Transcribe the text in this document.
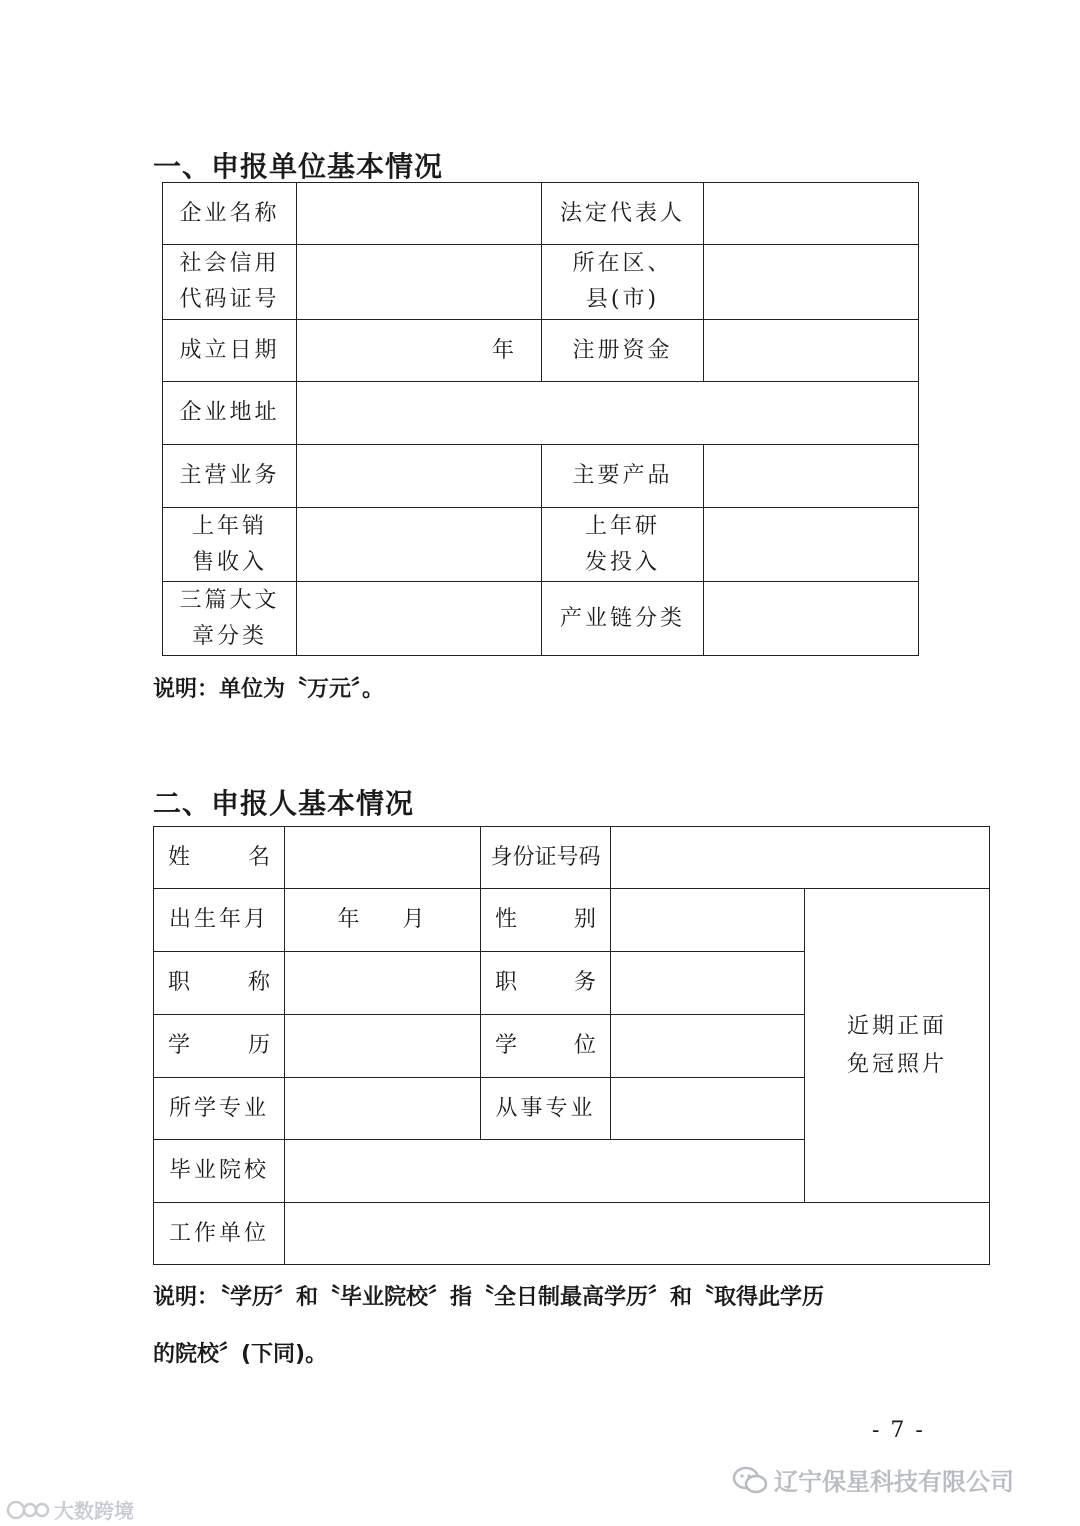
一、申报单位基本情况
企业名称		法定代表人	

社会信用
代码证号		所在区、
县(市)	

成立日期	年	注册资金	
企业地址			
主营业务		主要产品	

上年销
售收入		上年研
发投入	

三篇大文
章分类		产业链分类	
说明：单位为〝万元〞。
二、申报人基本情况
姓 名		身份证号码		
出生年月	年 月	性 别		近期正面
免冠照片

职 称		职 务		

学 历		学 位		

所学专业		从事专业		
毕业院校				
工作单位				
说明：〝学历〞和〝毕业院校〞指〝全日制最高学历〞和〝取得此学历
的院校〞(下同)。
- 7 -
辽宁保星科技有限公司
大数跨境
